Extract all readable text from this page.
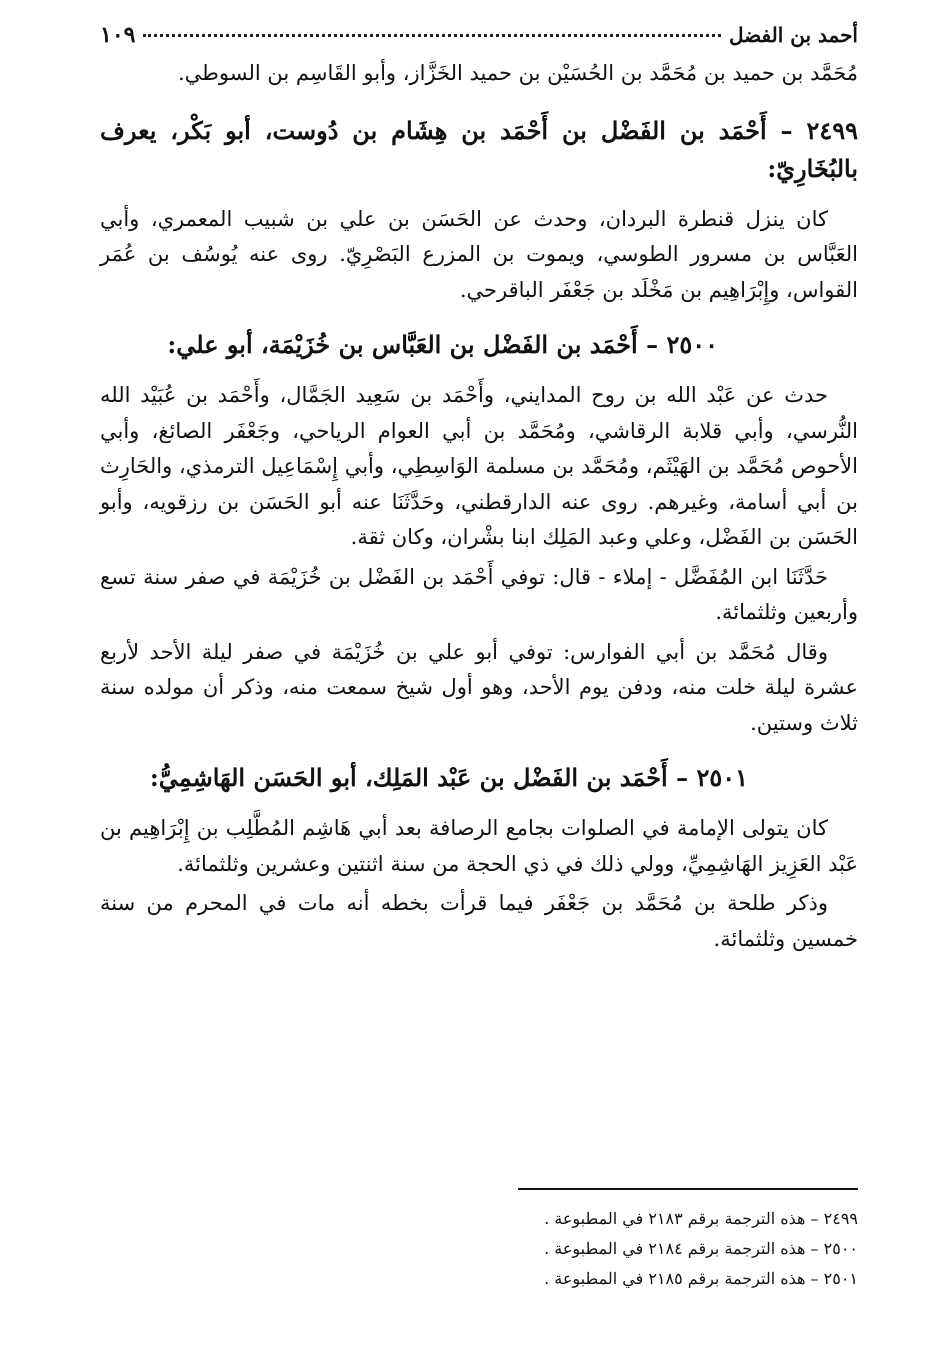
أحمد بن الفضل
١٠٩

مُحَمَّد بن حميد بن مُحَمَّد بن الحُسَيْن بن حميد الخَزَّاز، وأبو القَاسِم بن السوطي.

٢٤٩٩ – أَحْمَد بن الفَضْل بن أَحْمَد بن هِشَام بن دُوست، أبو بَكْر، يعرف بالبُخَارِيّ:

كان ينزل قنطرة البردان، وحدث عن الحَسَن بن علي بن شبيب المعمري، وأبي العَبَّاس بن مسرور الطوسي، ويموت بن المزرع البَصْرِيّ. روى عنه يُوسُف بن عُمَر القواس، وإِبْرَاهِيم بن مَخْلَد بن جَعْفَر الباقرحي.

٢٥٠٠ – أَحْمَد بن الفَضْل بن العَبَّاس بن خُزَيْمَة، أبو علي:

حدث عن عَبْد الله بن روح المدايني، وأَحْمَد بن سَعِيد الجَمَّال، وأَحْمَد بن عُبَيْد الله النُّرسي، وأبي قلابة الرقاشي، ومُحَمَّد بن أبي العوام الرياحي، وجَعْفَر الصائغ، وأبي الأحوص مُحَمَّد بن الهَيْثَم، ومُحَمَّد بن مسلمة الوَاسِطِي، وأبي إِسْمَاعِيل الترمذي، والحَارِث بن أبي أسامة، وغيرهم. روى عنه الدارقطني، وحَدَّثَنَا عنه أبو الحَسَن بن رزقويه، وأبو الحَسَن بن الفَضْل، وعلي وعبد المَلِك ابنا بشْران، وكان ثقة.

حَدَّثَنَا ابن المُفَضَّل - إملاء - قال: توفي أَحْمَد بن الفَضْل بن خُزَيْمَة في صفر سنة تسع وأربعين وثلثمائة.

وقال مُحَمَّد بن أبي الفوارس: توفي أبو علي بن خُزَيْمَة في صفر ليلة الأحد لأربع عشرة ليلة خلت منه، ودفن يوم الأحد، وهو أول شيخ سمعت منه، وذكر أن مولده سنة ثلاث وستين.

٢٥٠١ – أَحْمَد بن الفَضْل بن عَبْد المَلِك، أبو الحَسَن الهَاشِمِيُّ:

كان يتولى الإمامة في الصلوات بجامع الرصافة بعد أبي هَاشِم المُطَّلِب بن إِبْرَاهِيم بن عَبْد العَزِيز الهَاشِمِيِّ، وولي ذلك في ذي الحجة من سنة اثنتين وعشرين وثلثمائة.

وذكر طلحة بن مُحَمَّد بن جَعْفَر فيما قرأت بخطه أنه مات في المحرم من سنة خمسين وثلثمائة.

٢٤٩٩ – هذه الترجمة برقم ٢١٨٣ في المطبوعة .
٢٥٠٠ – هذه الترجمة برقم ٢١٨٤ في المطبوعة .
٢٥٠١ – هذه الترجمة برقم ٢١٨٥ في المطبوعة .
